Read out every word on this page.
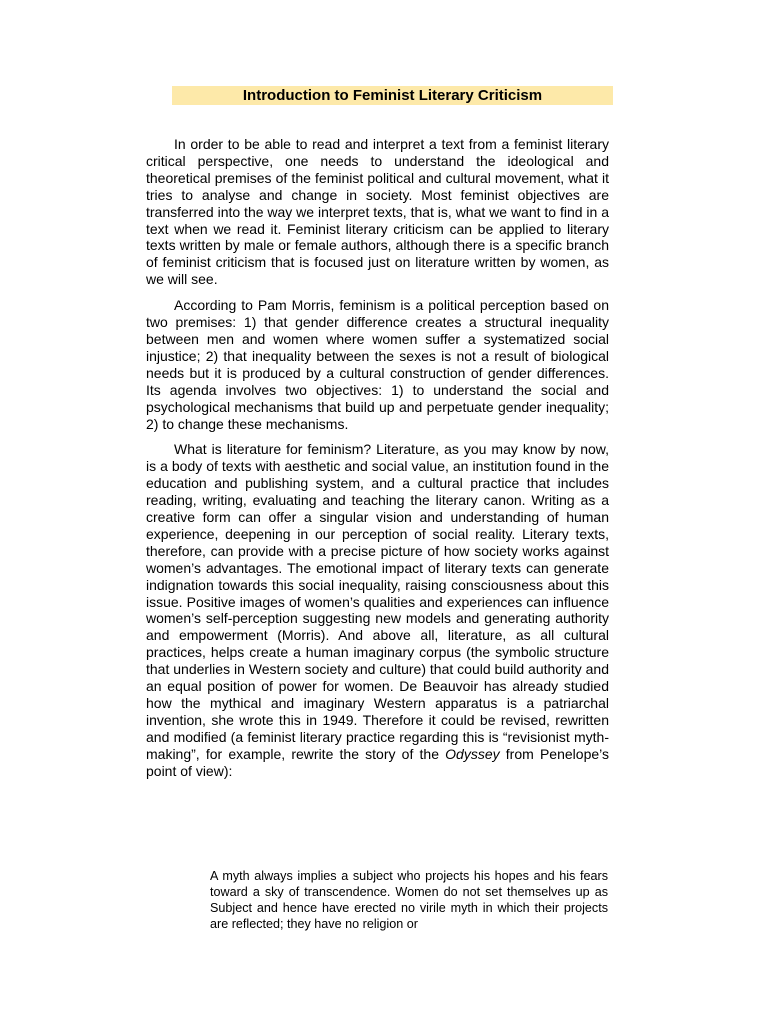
Introduction to Feminist Literary Criticism

In order to be able to read and interpret a text from a feminist literary critical perspective, one needs to understand the ideological and theoretical premises of the feminist political and cultural movement, what it tries to analyse and change in society. Most feminist objectives are transferred into the way we interpret texts, that is, what we want to find in a text when we read it. Feminist literary criticism can be applied to literary texts written by male or female authors, although there is a specific branch of feminist criticism that is focused just on literature written by women, as we will see.

According to Pam Morris, feminism is a political perception based on two premises: 1) that gender difference creates a structural inequality between men and women where women suffer a systematized social injustice; 2) that inequality between the sexes is not a result of biological needs but it is produced by a cultural construction of gender differences. Its agenda involves two objectives: 1) to understand the social and psychological mechanisms that build up and perpetuate gender inequality; 2) to change these mechanisms.

What is literature for feminism? Literature, as you may know by now, is a body of texts with aesthetic and social value, an institution found in the education and publishing system, and a cultural practice that includes reading, writing, evaluating and teaching the literary canon. Writing as a creative form can offer a singular vision and understanding of human experience, deepening in our perception of social reality. Literary texts, therefore, can provide with a precise picture of how society works against women’s advantages. The emotional impact of literary texts can generate indignation towards this social inequality, raising consciousness about this issue. Positive images of women’s qualities and experiences can influence women’s self-perception suggesting new models and generating authority and empowerment (Morris). And above all, literature, as all cultural practices, helps create a human imaginary corpus (the symbolic structure that underlies in Western society and culture) that could build authority and an equal position of power for women. De Beauvoir has already studied how the mythical and imaginary Western apparatus is a patriarchal invention, she wrote this in 1949. Therefore it could be revised, rewritten and modified (a feminist literary practice regarding this is “revisionist myth-making”, for example, rewrite the story of the Odyssey from Penelope’s point of view):

A myth always implies a subject who projects his hopes and his fears toward a sky of transcendence. Women do not set themselves up as Subject and hence have erected no virile myth in which their projects are reflected; they have no religion or
